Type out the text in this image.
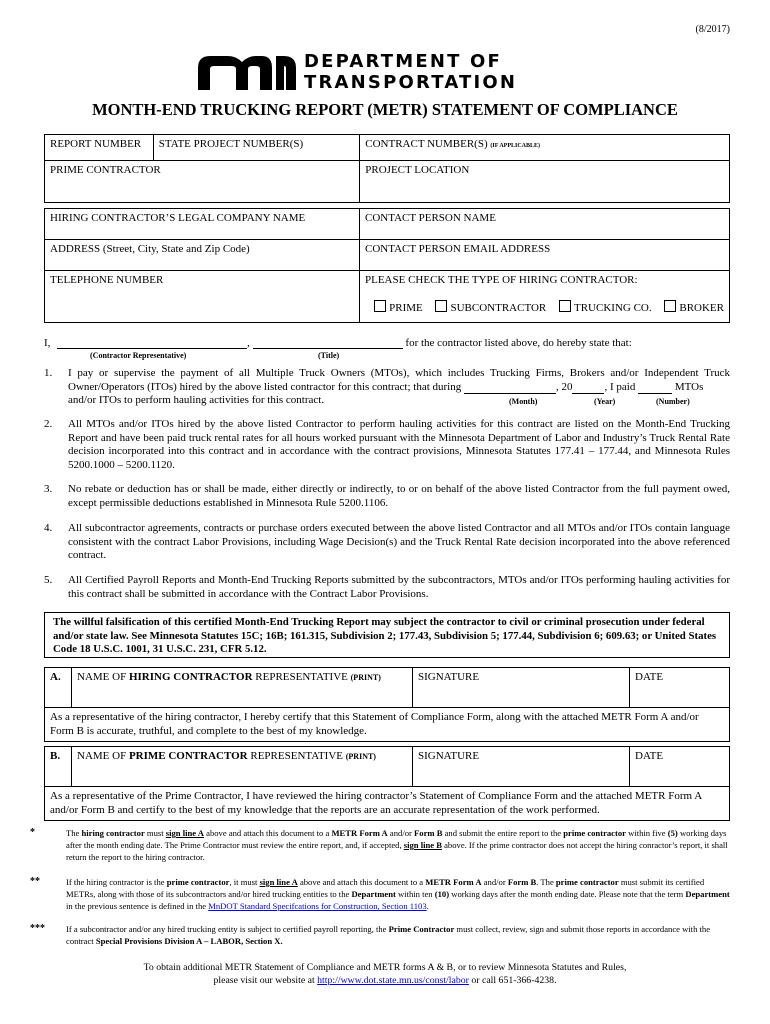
(8/2017)
DEPARTMENT OF
TRANSPORTATION
MONTH-END TRUCKING REPORT (METR) STATEMENT OF COMPLIANCE
REPORT NUMBER	STATE PROJECT NUMBER(S)	CONTRACT NUMBER(S) (IF APPLICABLE)
PRIME CONTRACTOR		PROJECT LOCATION
HIRING CONTRACTOR’S LEGAL COMPANY NAME	CONTACT PERSON NAME
ADDRESS (Street, City, State and Zip Code)	CONTACT PERSON EMAIL ADDRESS
TELEPHONE NUMBER	PLEASE CHECK THE TYPE OF HIRING CONTRACTOR:
PRIME SUBCONTRACTOR TRUCKING CO. BROKER
I,	,	for the contractor listed above, do hereby state that:
(Contractor Representative)	(Title)
1. I pay or supervise the payment of all Multiple Truck Owners (MTOs), which includes Trucking Firms, Brokers and/or Independent Truck Owner/Operators (ITOs) hired by the above listed contractor for this contract; that during	, 20	, I paid	MTOs
and/or ITOs to perform hauling activities for this contract.	(Month)	(Year)	(Number)
2. All MTOs and/or ITOs hired by the above listed Contractor to perform hauling activities for this contract are listed on the Month-End Trucking Report and have been paid truck rental rates for all hours worked pursuant with the Minnesota Department of Labor and Industry’s Truck Rental Rate decision incorporated into this contract and in accordance with the contract provisions, Minnesota Statutes 177.41 – 177.44, and Minnesota Rules 5200.1000 – 5200.1120.
3. No rebate or deduction has or shall be made, either directly or indirectly, to or on behalf of the above listed Contractor from the full payment owed, except permissible deductions established in Minnesota Rule 5200.1106.
4. All subcontractor agreements, contracts or purchase orders executed between the above listed Contractor and all MTOs and/or ITOs contain language consistent with the contract Labor Provisions, including Wage Decision(s) and the Truck Rental Rate decision incorporated into the above referenced contract.
5. All Certified Payroll Reports and Month-End Trucking Reports submitted by the subcontractors, MTOs and/or ITOs performing hauling activities for this contract shall be submitted in accordance with the Contract Labor Provisions.
The willful falsification of this certified Month-End Trucking Report may subject the contractor to civil or criminal prosecution under federal and/or state law. See Minnesota Statutes 15C; 16B; 161.315, Subdivision 2; 177.43, Subdivision 5; 177.44, Subdivision 6; 609.63; or United States Code 18 U.S.C. 1001, 31 U.S.C. 231, CFR 5.12.
A.	NAME OF HIRING CONTRACTOR REPRESENTATIVE (PRINT)	SIGNATURE	DATE
As a representative of the hiring contractor, I hereby certify that this Statement of Compliance Form, along with the attached METR Form A and/or Form B is accurate, truthful, and complete to the best of my knowledge.
B.	NAME OF PRIME CONTRACTOR REPRESENTATIVE (PRINT)	SIGNATURE	DATE
As a representative of the Prime Contractor, I have reviewed the hiring contractor’s Statement of Compliance Form and the attached METR Form A and/or Form B and certify to the best of my knowledge that the reports are an accurate representation of the work performed.
*	The hiring contractor must sign line A above and attach this document to a METR Form A and/or Form B and submit the entire report to the prime contractor within five (5) working days after the month ending date. The Prime Contractor must review the entire report, and, if accepted, sign line B above. If the prime contractor does not accept the hiring conractor’s report, it shall return the report to the hiring contractor.
**	If the hiring contractor is the prime contractor, it must sign line A above and attach this document to a METR Form A and/or Form B. The prime contractor must submit its certified METRs, along with those of its subcontractors and/or hired trucking entities to the Department within ten (10) working days after the month ending date. Please note that the term Department in the previous sentence is defined in the MnDOT Standard Specifcations for Construction, Section 1103.
*** If a subcontractor and/or any hired trucking entity is subject to certified payroll reporting, the Prime Contractor must collect, review, sign and submit those reports in accordance with the contract Special Provisions Division A – LABOR, Section X.
To obtain additional METR Statement of Compliance and METR forms A & B, or to review Minnesota Statutes and Rules,
please visit our website at http://www.dot.state.mn.us/const/labor or call 651-366-4238.
